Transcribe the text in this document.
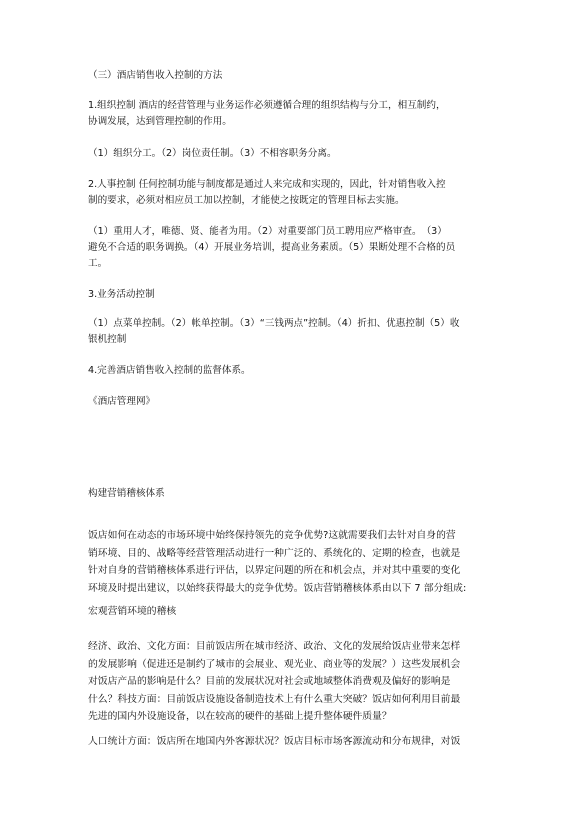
（三）酒店销售收入控制的方法

1.组织控制 酒店的经营管理与业务运作必须遵循合理的组织结构与分工，相互制约，
协调发展，达到管理控制的作用。

（1）组织分工。（2）岗位责任制。（3）不相容职务分离。

2.人事控制 任何控制功能与制度都是通过人来完成和实现的，因此，针对销售收入控
制的要求，必须对相应员工加以控制，才能使之按既定的管理目标去实施。

（1）重用人才，唯德、贤、能者为用。（2）对重要部门员工聘用应严格审查。　（3）
避免不合适的职务调换。（4）开展业务培训，提高业务素质。（5）果断处理不合格的员
工。

3.业务活动控制

（1）点菜单控制。（2）帐单控制。（3）“三钱两点”控制。（4）折扣、优惠控制（5）收
银机控制

4.完善酒店销售收入控制的监督体系。

《酒店管理网》

构建营销稽核体系

饭店如何在动态的市场环境中始终保持领先的竞争优势?这就需要我们去针对自身的营
销环境、目的、战略等经营管理活动进行一种广泛的、系统化的、定期的检查，也就是
针对自身的营销稽核体系进行评估，以界定问题的所在和机会点，并对其中重要的变化
环境及时提出建议，以始终获得最大的竞争优势。饭店营销稽核体系由以下 7 部分组成:

宏观营销环境的稽核

经济、政治、文化方面：目前饭店所在城市经济、政治、文化的发展给饭店业带来怎样
的发展影响（促进还是制约了城市的会展业、观光业、商业等的发展？）这些发展机会
对饭店产品的影响是什么？目前的发展状况对社会或地域整体消费观及偏好的影响是
什么？科技方面：目前饭店设施设备制造技术上有什么重大突破？饭店如何利用目前最
先进的国内外设施设备，以在较高的硬件的基础上提升整体硬件质量？

人口统计方面：饭店所在地国内外客源状况？饭店目标市场客源流动和分布规律，对饭
